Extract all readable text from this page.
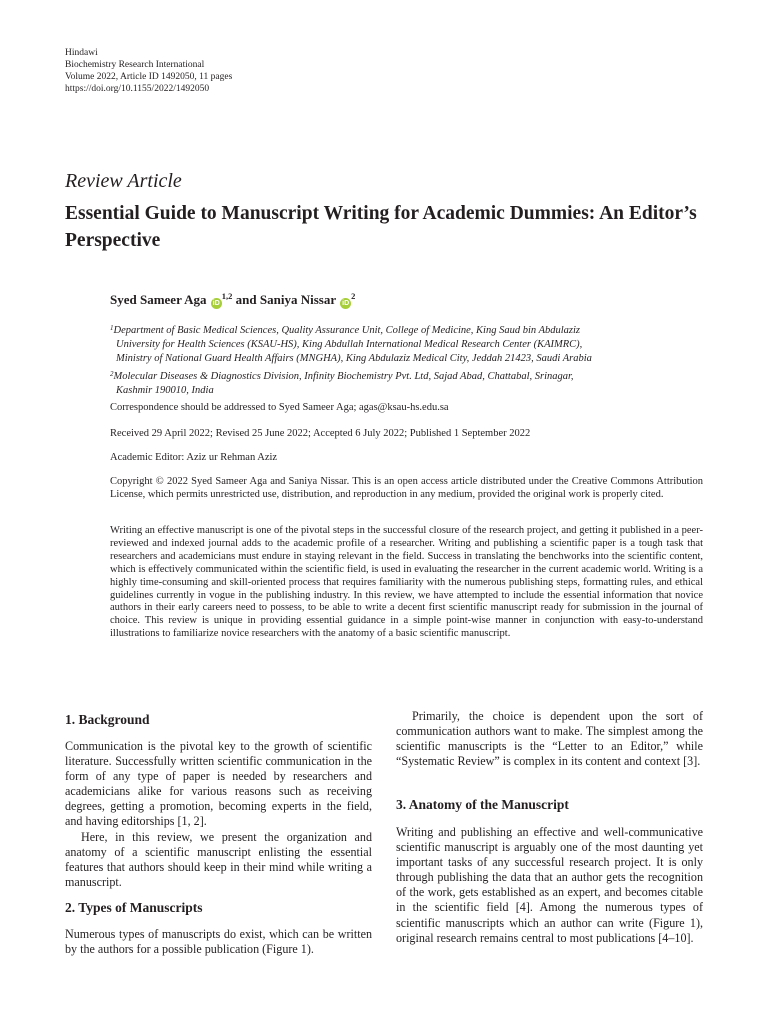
Hindawi
Biochemistry Research International
Volume 2022, Article ID 1492050, 11 pages
https://doi.org/10.1155/2022/1492050
Review Article
Essential Guide to Manuscript Writing for Academic Dummies: An Editor’s Perspective
Syed Sameer Aga iD$^{1,2}$ and Saniya Nissar $iD^2$
$^1$Department of Basic Medical Sciences, Quality Assurance Unit, College of Medicine, King Saud bin Abdulaziz
University for Health Sciences (KSAU-HS), King Abdullah International Medical Research Center (KAIMRC),
Ministry of National Guard Health Affairs (MNGHA), King Abdulaziz Medical City, Jeddah 21423, Saudi Arabia
$^2$Molecular Diseases & Diagnostics Division, Infinity Biochemistry Pvt. Ltd, Sajad Abad, Chattabal, Srinagar,
Kashmir 190010, India
Correspondence should be addressed to Syed Sameer Aga; agas@ksau-hs.edu.sa
Received 29 April 2022; Revised 25 June 2022; Accepted 6 July 2022; Published 1 September 2022
Academic Editor: Aziz ur Rehman Aziz
Copyright © 2022 Syed Sameer Aga and Saniya Nissar. This is an open access article distributed under the Creative Commons Attribution License, which permits unrestricted use, distribution, and reproduction in any medium, provided the original work is properly cited.
Writing an effective manuscript is one of the pivotal steps in the successful closure of the research project, and getting it published in a peer-reviewed and indexed journal adds to the academic profile of a researcher. Writing and publishing a scientific paper is a tough task that researchers and academicians must endure in staying relevant in the field. Success in translating the benchworks into the scientific content, which is effectively communicated within the scientific field, is used in evaluating the researcher in the current academic world. Writing is a highly time-consuming and skill-oriented process that requires familiarity with the numerous publishing steps, formatting rules, and ethical guidelines currently in vogue in the publishing industry. In this review, we have attempted to include the essential information that novice authors in their early careers need to possess, to be able to write a decent first scientific manuscript ready for submission in the journal of choice. This review is unique in providing essential guidance in a simple point-wise manner in conjunction with easy-to-understand illustrations to familiarize novice researchers with the anatomy of a basic scientific manuscript.
1. Background

Communication is the pivotal key to the growth of scientific literature. Successfully written scientific communication in the form of any type of paper is needed by researchers and academicians alike for various reasons such as receiving degrees, getting a promotion, becoming experts in the field, and having editorships [1, 2].

Here, in this review, we present the organization and anatomy of a scientific manuscript enlisting the essential features that authors should keep in their mind while writing a manuscript.

2. Types of Manuscripts

Numerous types of manuscripts do exist, which can be written by the authors for a possible publication (Figure 1).

Primarily, the choice is dependent upon the sort of communication authors want to make. The simplest among the scientific manuscripts is the “Letter to an Editor,” while “Systematic Review” is complex in its content and context [3].

3. Anatomy of the Manuscript

Writing and publishing an effective and well-communicative scientific manuscript is arguably one of the most daunting yet important tasks of any successful research project. It is only through publishing the data that an author gets the recognition of the work, gets established as an expert, and becomes citable in the scientific field [4]. Among the numerous types of scientific manuscripts which an author can write (Figure 1), original research remains central to most publications [4–10].
